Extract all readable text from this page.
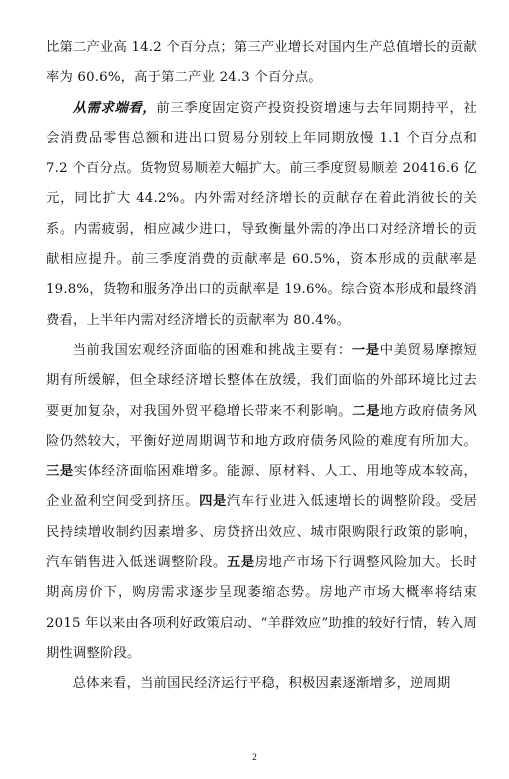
比第二产业高 14.2 个百分点；第三产业增长对国内生产总值增长的贡献率为 60.6%，高于第二产业 24.3 个百分点。

从需求端看，前三季度固定资产投资投资增速与去年同期持平，社会消费品零售总额和进出口贸易分别较上年同期放慢 1.1 个百分点和 7.2 个百分点。货物贸易顺差大幅扩大。前三季度贸易顺差 20416.6 亿元，同比扩大 44.2%。内外需对经济增长的贡献存在着此消彼长的关系。内需疲弱，相应减少进口，导致衡量外需的净出口对经济增长的贡献相应提升。前三季度消费的贡献率是 60.5%，资本形成的贡献率是 19.8%，货物和服务净出口的贡献率是 19.6%。综合资本形成和最终消费看，上半年内需对经济增长的贡献率为 80.4%。

当前我国宏观经济面临的困难和挑战主要有：一是中美贸易摩擦短期有所缓解，但全球经济增长整体在放缓，我们面临的外部环境比过去要更加复杂，对我国外贸平稳增长带来不利影响。二是地方政府债务风险仍然较大，平衡好逆周期调节和地方政府债务风险的难度有所加大。三是实体经济面临困难增多。能源、原材料、人工、用地等成本较高，企业盈利空间受到挤压。四是汽车行业进入低速增长的调整阶段。受居民持续增收制约因素增多、房贷挤出效应、城市限购限行政策的影响，汽车销售进入低迷调整阶段。五是房地产市场下行调整风险加大。长时期高房价下，购房需求逐步呈现萎缩态势。房地产市场大概率将结束 2015 年以来由各项利好政策启动、“羊群效应”助推的较好行情，转入周期性调整阶段。

总体来看，当前国民经济运行平稳，积极因素逐渐增多，逆周期

2
